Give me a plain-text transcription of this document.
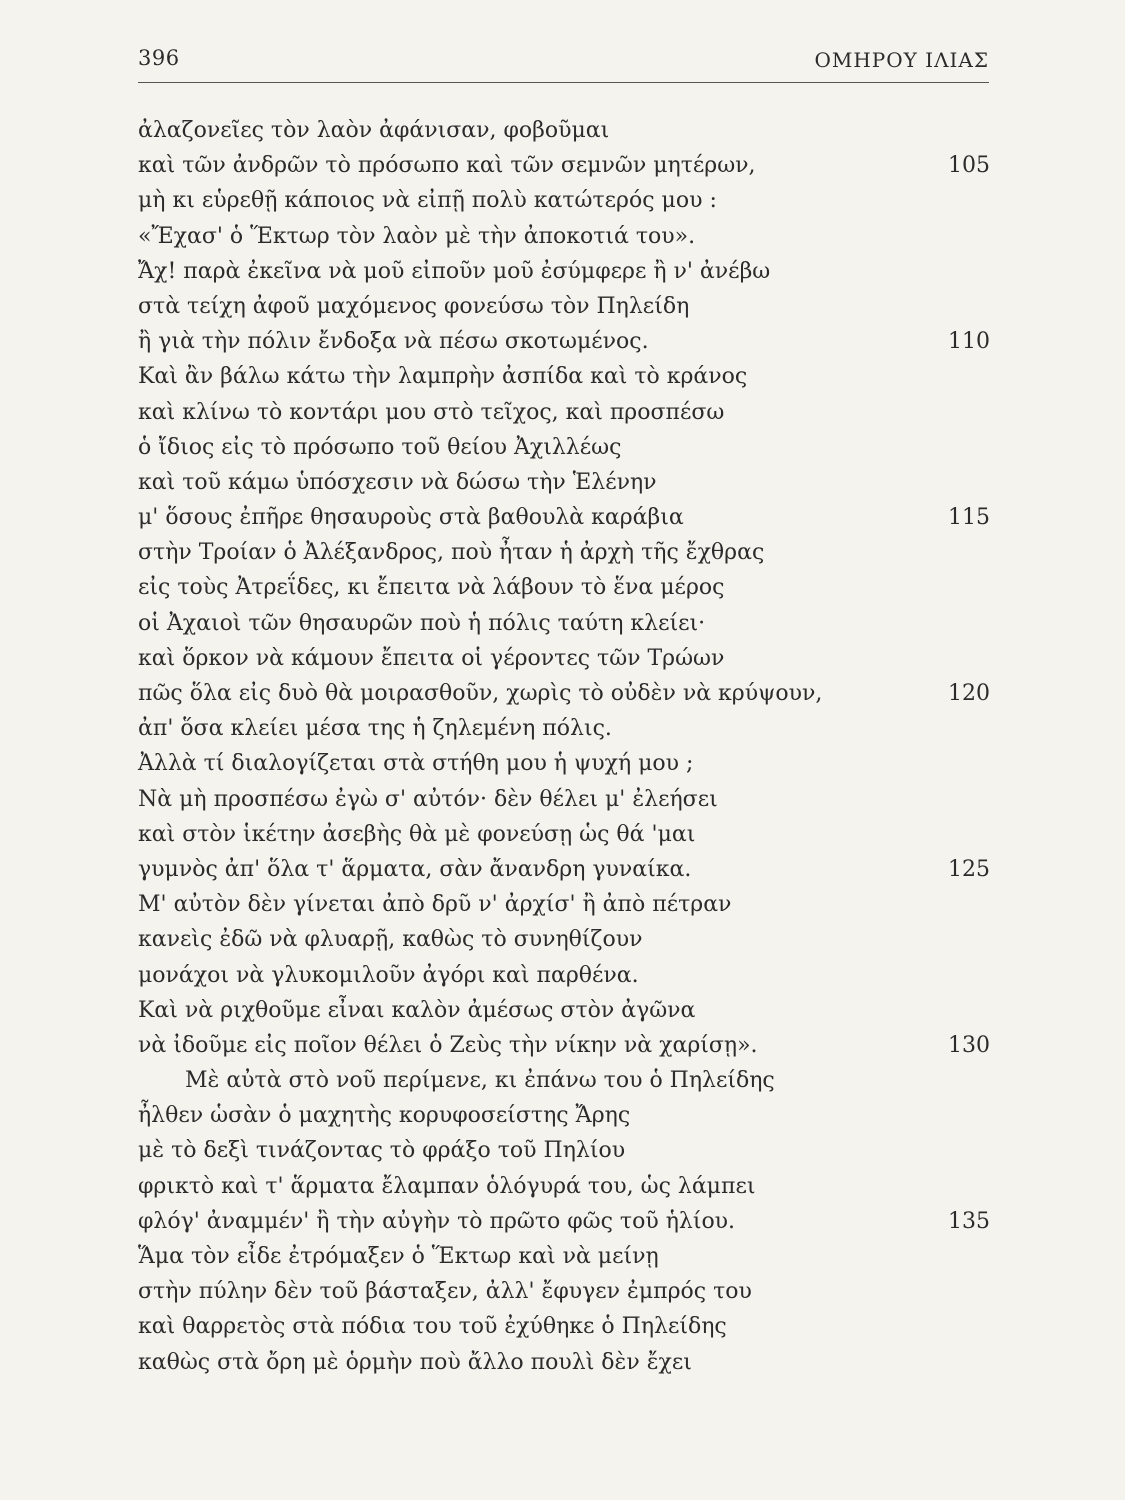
396	ΟΜΗΡΟΥ ΙΛΙΑΣ
ἀλαζονεῖες τὸν λαὸν ἀφάνισαν, φοβοῦμαι
καὶ τῶν ἀνδρῶν τὸ πρόσωπο καὶ τῶν σεμνῶν μητέρων,	105
μὴ κι εὑρεθῇ κάποιος νὰ εἰπῇ πολὺ κατώτερός μου :
«Ἔχασ' ὁ Ἕκτωρ τὸν λαὸν μὲ τὴν ἀποκοτιά του».
Ἄχ! παρὰ ἐκεῖνα νὰ μοῦ εἰποῦν μοῦ ἐσύμφερε ἢ ν' ἀνέβω
στὰ τείχη ἀφοῦ μαχόμενος φονεύσω τὸν Πηλείδη
ἢ γιὰ τὴν πόλιν ἔνδοξα νὰ πέσω σκοτωμένος.	110
Καὶ ἂν βάλω κάτω τὴν λαμπρὴν ἀσπίδα καὶ τὸ κράνος
καὶ κλίνω τὸ κοντάρι μου στὸ τεῖχος, καὶ προσπέσω
ὁ ἴδιος εἰς τὸ πρόσωπο τοῦ θείου Ἀχιλλέως
καὶ τοῦ κάμω ὑπόσχεσιν νὰ δώσω τὴν Ἑλένην
μ' ὅσους ἐπῆρε θησαυροὺς στὰ βαθουλὰ καράβια	115
στὴν Τροίαν ὁ Ἀλέξανδρος, ποὺ ἦταν ἡ ἀρχὴ τῆς ἔχθρας
εἰς τοὺς Ἀτρεΐδες, κι ἔπειτα νὰ λάβουν τὸ ἕνα μέρος
οἱ Ἀχαιοὶ τῶν θησαυρῶν ποὺ ἡ πόλις ταύτη κλείει·
καὶ ὅρκον νὰ κάμουν ἔπειτα οἱ γέροντες τῶν Τρώων
πῶς ὅλα εἰς δυὸ θὰ μοιρασθοῦν, χωρὶς τὸ οὐδὲν νὰ κρύψουν,	120
ἀπ' ὅσα κλείει μέσα της ἡ ζηλεμένη πόλις.
Ἀλλὰ τί διαλογίζεται στὰ στήθη μου ἡ ψυχή μου ;
Νὰ μὴ προσπέσω ἐγὼ σ' αὐτόν· δὲν θέλει μ' ἐλεήσει
καὶ στὸν ἱκέτην ἀσεβὴς θὰ μὲ φονεύσῃ ὡς θά 'μαι
γυμνὸς ἀπ' ὅλα τ' ἅρματα, σὰν ἄνανδρη γυναίκα.	125
Μ' αὐτὸν δὲν γίνεται ἀπὸ δρῦ ν' ἀρχίσ' ἢ ἀπὸ πέτραν
κανεὶς ἐδῶ νὰ φλυαρῇ, καθὼς τὸ συνηθίζουν
μονάχοι νὰ γλυκομιλοῦν ἀγόρι καὶ παρθένα.
Καὶ νὰ ριχθοῦμε εἶναι καλὸν ἀμέσως στὸν ἀγῶνα
νὰ ἰδοῦμε εἰς ποῖον θέλει ὁ Ζεὺς τὴν νίκην νὰ χαρίσῃ».	130
Μὲ αὐτὰ στὸ νοῦ περίμενε, κι ἐπάνω του ὁ Πηλείδης
ἦλθεν ὡσὰν ὁ μαχητὴς κορυφοσείστης Ἄρης
μὲ τὸ δεξὶ τινάζοντας τὸ φράξο τοῦ Πηλίου
φρικτὸ καὶ τ' ἅρματα ἔλαμπαν ὁλόγυρά του, ὡς λάμπει
φλόγ' ἀναμμέν' ἢ τὴν αὐγὴν τὸ πρῶτο φῶς τοῦ ἡλίου.	135
Ἅμα τὸν εἶδε ἐτρόμαξεν ὁ Ἕκτωρ καὶ νὰ μείνῃ
στὴν πύλην δὲν τοῦ βάσταξεν, ἀλλ' ἔφυγεν ἐμπρός του
καὶ θαρρετὸς στὰ πόδια του τοῦ ἐχύθηκε ὁ Πηλείδης
καθὼς στὰ ὄρη μὲ ὁρμὴν ποὺ ἄλλο πουλὶ δὲν ἔχει
